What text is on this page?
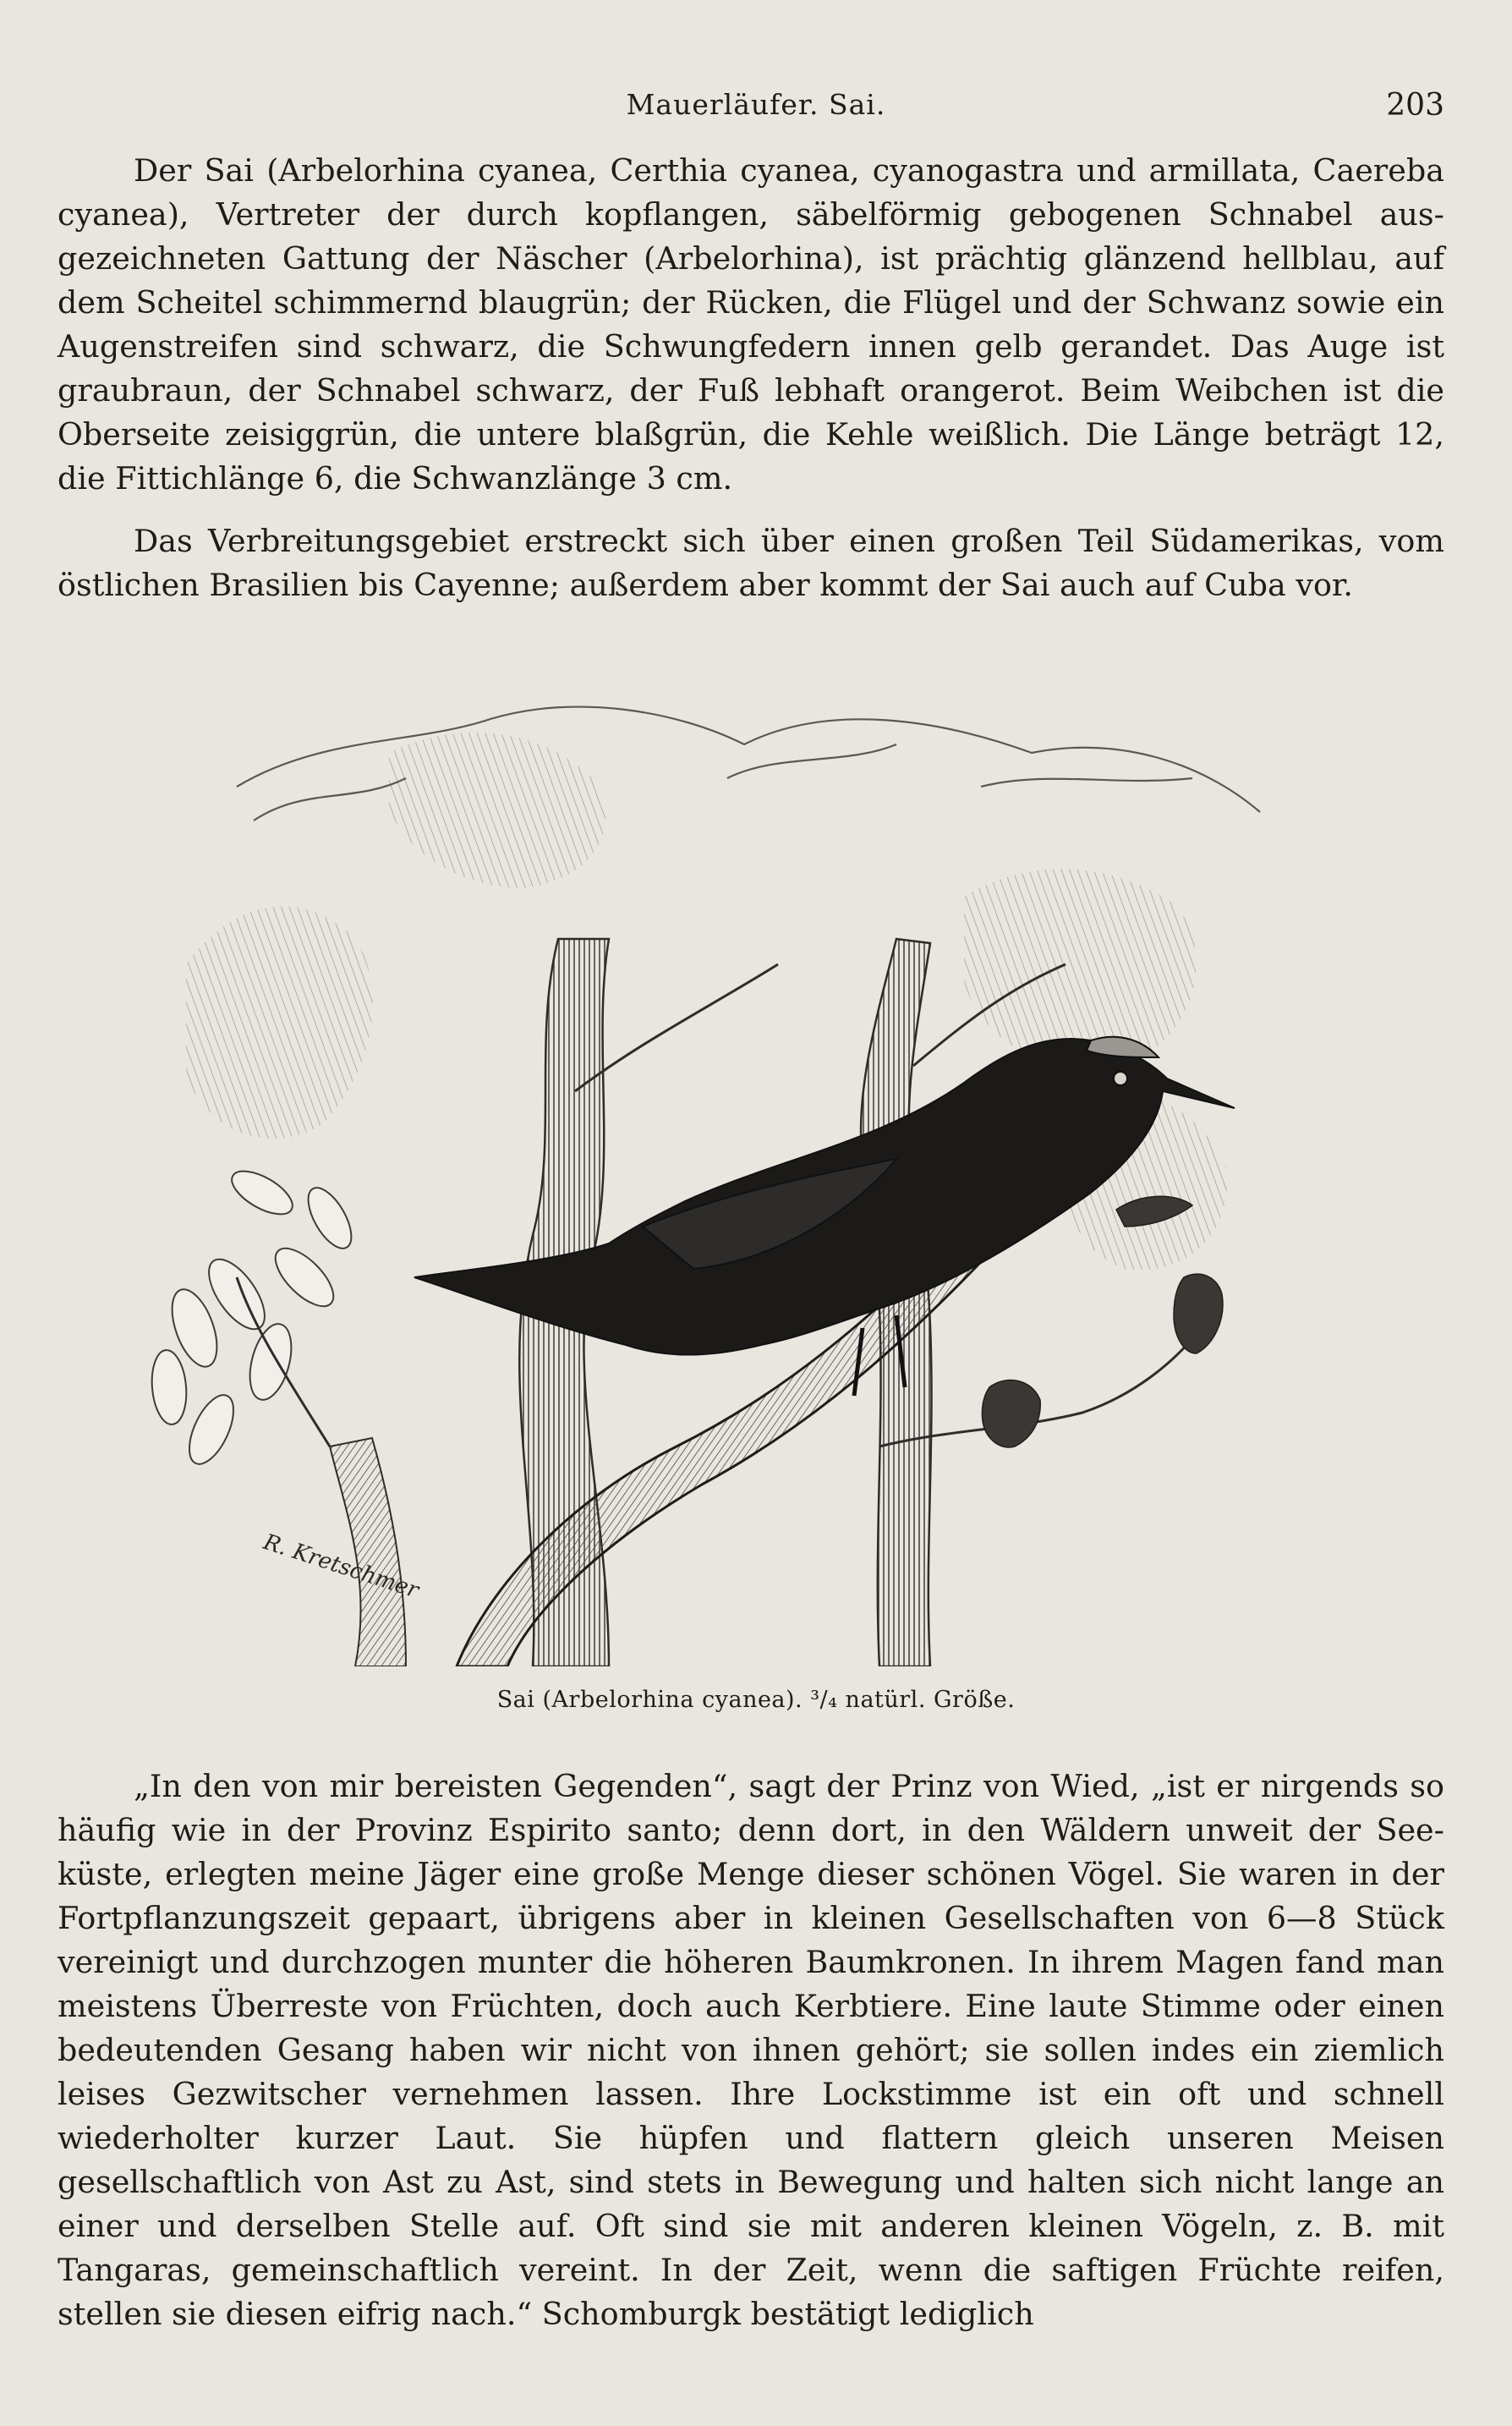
Mauerläufer. Sai.	203

Der Sai (Arbelorhina cyanea, Certhia cyanea, cyanogastra und armillata, Caereba cyanea), Vertreter der durch kopflangen, säbelförmig gebogenen Schnabel ausgezeichneten Gattung der Näscher (Arbelorhina), ist prächtig glänzend hellblau, auf dem Scheitel schimmernd blaugrün; der Rücken, die Flügel und der Schwanz sowie ein Augenstreifen sind schwarz, die Schwungfedern innen gelb gerandet. Das Auge ist graubraun, der Schnabel schwarz, der Fuß lebhaft orangerot. Beim Weibchen ist die Oberseite zeisiggrün, die untere blaßgrün, die Kehle weißlich. Die Länge beträgt 12, die Fittichlänge 6, die Schwanzlänge 3 cm.

Das Verbreitungsgebiet erstreckt sich über einen großen Teil Südamerikas, vom östlichen Brasilien bis Cayenne; außerdem aber kommt der Sai auch auf Cuba vor.

R. Kretschmer
Sai (Arbelorhina cyanea). ³/₄ natürl. Größe.

„In den von mir bereisten Gegenden“, sagt der Prinz von Wied, „ist er nirgends so häufig wie in der Provinz Espirito santo; denn dort, in den Wäldern unweit der Seeküste, erlegten meine Jäger eine große Menge dieser schönen Vögel. Sie waren in der Fortpflanzungszeit gepaart, übrigens aber in kleinen Gesellschaften von 6—8 Stück vereinigt und durchzogen munter die höheren Baumkronen. In ihrem Magen fand man meistens Überreste von Früchten, doch auch Kerbtiere. Eine laute Stimme oder einen bedeutenden Gesang haben wir nicht von ihnen gehört; sie sollen indes ein ziemlich leises Gezwitscher vernehmen lassen. Ihre Lockstimme ist ein oft und schnell wiederholter kurzer Laut. Sie hüpfen und flattern gleich unseren Meisen gesellschaftlich von Ast zu Ast, sind stets in Bewegung und halten sich nicht lange an einer und derselben Stelle auf. Oft sind sie mit anderen kleinen Vögeln, z. B. mit Tangaras, gemeinschaftlich vereint. In der Zeit, wenn die saftigen Früchte reifen, stellen sie diesen eifrig nach.“ Schomburgk bestätigt lediglich
